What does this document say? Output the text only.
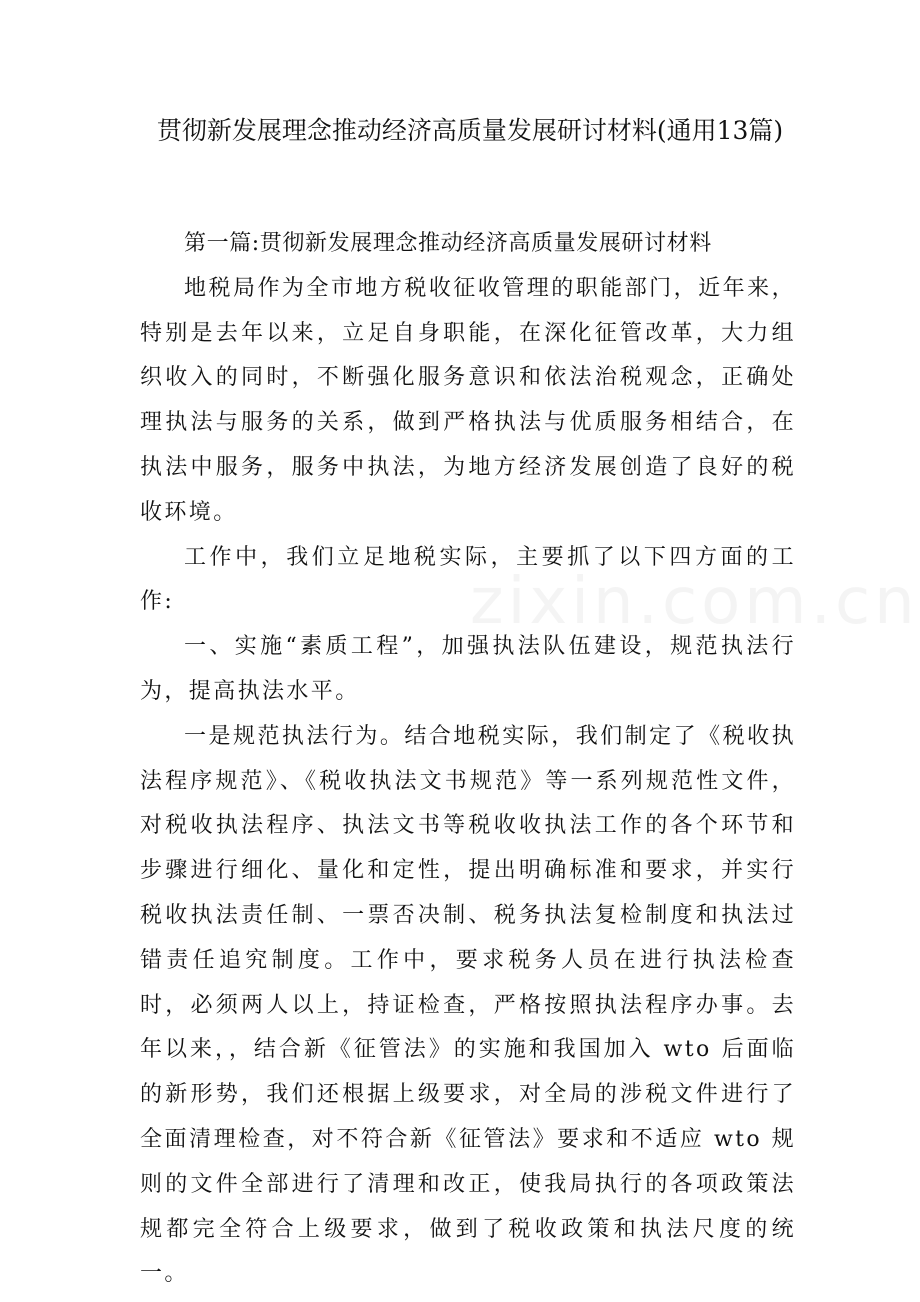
贯彻新发展理念推动经济高质量发展研讨材料(通用13篇)

第一篇:贯彻新发展理念推动经济高质量发展研讨材料

地税局作为全市地方税收征收管理的职能部门，近年来，特别是去年以来，立足自身职能，在深化征管改革，大力组织收入的同时，不断强化服务意识和依法治税观念，正确处理执法与服务的关系，做到严格执法与优质服务相结合，在执法中服务，服务中执法，为地方经济发展创造了良好的税收环境。

工作中，我们立足地税实际，主要抓了以下四方面的工作:

一、实施“素质工程”，加强执法队伍建设，规范执法行为，提高执法水平。

一是规范执法行为。结合地税实际，我们制定了《税收执法程序规范》、《税收执法文书规范》等一系列规范性文件，对税收执法程序、执法文书等税收收执法工作的各个环节和步骤进行细化、量化和定性，提出明确标准和要求，并实行税收执法责任制、一票否决制、税务执法复检制度和执法过错责任追究制度。工作中，要求税务人员在进行执法检查时，必须两人以上，持证检查，严格按照执法程序办事。去年以来，，结合新《征管法》的实施和我国加入 wto 后面临的新形势，我们还根据上级要求，对全局的涉税文件进行了全面清理检查，对不符合新《征管法》要求和不适应 wto 规则的文件全部进行了清理和改正，使我局执行的各项政策法规都完全符合上级要求，做到了税收政策和执法尺度的统一。

zixin.com.cn
